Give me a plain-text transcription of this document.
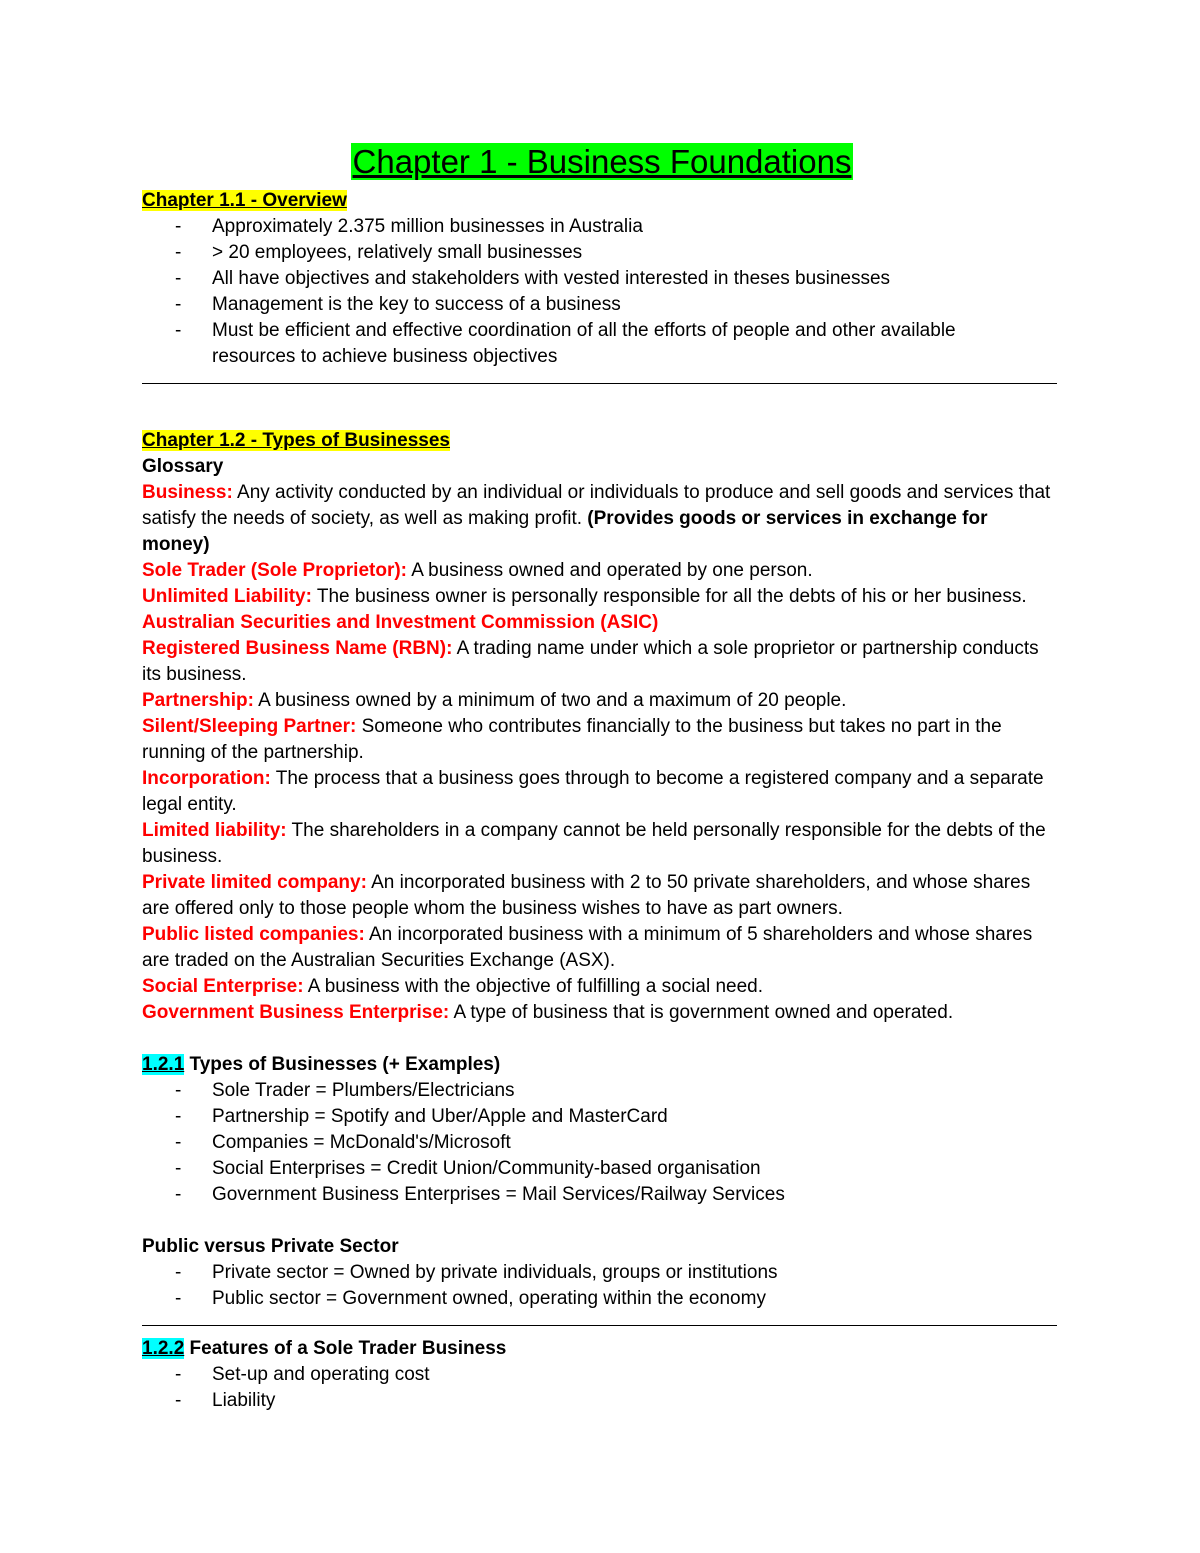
Chapter 1 - Business Foundations
Chapter 1.1 - Overview
- Approximately 2.375 million businesses in Australia
- > 20 employees, relatively small businesses
- All have objectives and stakeholders with vested interested in theses businesses
- Management is the key to success of a business
- Must be efficient and effective coordination of all the efforts of people and other available resources to achieve business objectives
Chapter 1.2 - Types of Businesses

Glossary

Business: Any activity conducted by an individual or individuals to produce and sell goods and services that satisfy the needs of society, as well as making profit. (Provides goods or services in exchange for money)

Sole Trader (Sole Proprietor): A business owned and operated by one person.

Unlimited Liability: The business owner is personally responsible for all the debts of his or her business.

Australian Securities and Investment Commission (ASIC)

Registered Business Name (RBN): A trading name under which a sole proprietor or partnership conducts its business.

Partnership: A business owned by a minimum of two and a maximum of 20 people.

Silent/Sleeping Partner: Someone who contributes financially to the business but takes no part in the running of the partnership.

Incorporation: The process that a business goes through to become a registered company and a separate legal entity.

Limited liability: The shareholders in a company cannot be held personally responsible for the debts of the business.

Private limited company: An incorporated business with 2 to 50 private shareholders, and whose shares are offered only to those people whom the business wishes to have as part owners.

Public listed companies: An incorporated business with a minimum of 5 shareholders and whose shares are traded on the Australian Securities Exchange (ASX).

Social Enterprise: A business with the objective of fulfilling a social need.

Government Business Enterprise: A type of business that is government owned and operated.

1.2.1 Types of Businesses (+ Examples)
- Sole Trader = Plumbers/Electricians
- Partnership = Spotify and Uber/Apple and MasterCard
- Companies = McDonald's/Microsoft
- Social Enterprises = Credit Union/Community-based organisation
- Government Business Enterprises = Mail Services/Railway Services
Public versus Private Sector
- Private sector = Owned by private individuals, groups or institutions
- Public sector = Government owned, operating within the economy
1.2.2 Features of a Sole Trader Business
- Set-up and operating cost
- Liability
